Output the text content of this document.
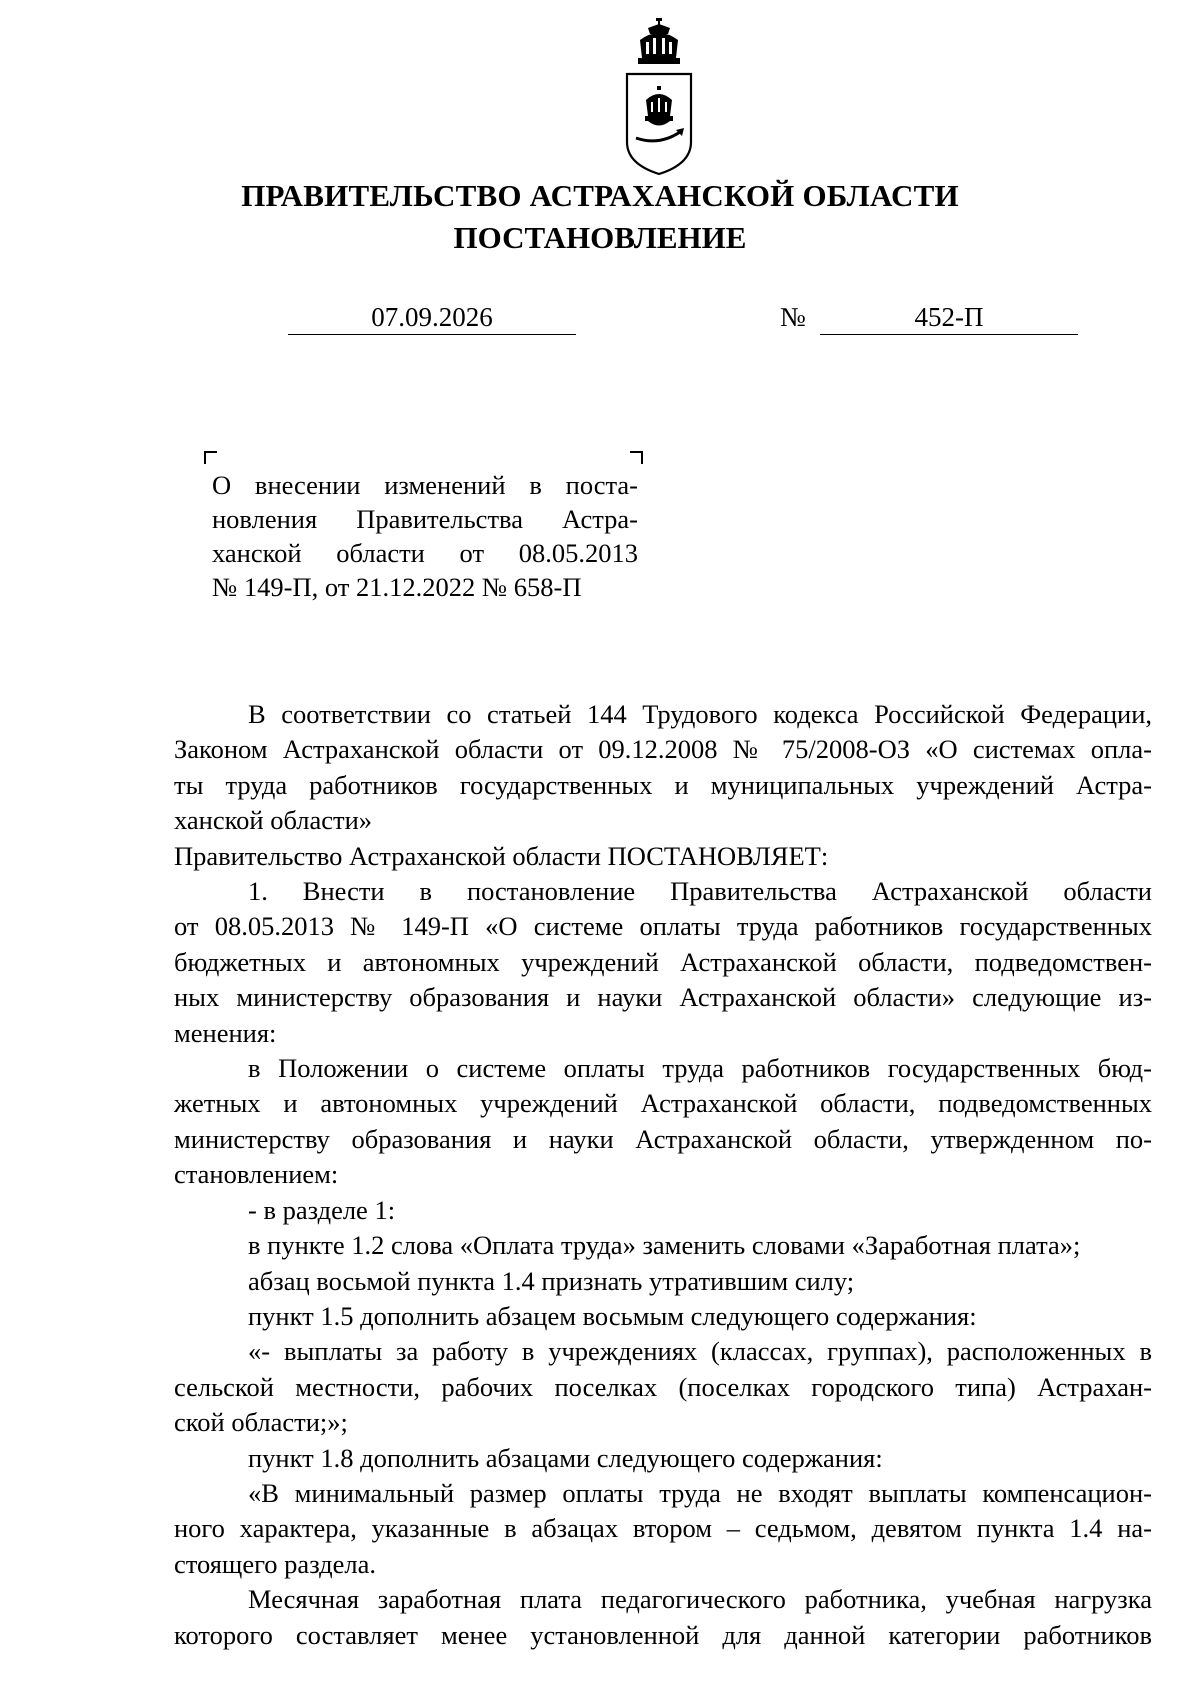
ПРАВИТЕЛЬСТВО АСТРАХАНСКОЙ ОБЛАСТИ
ПОСТАНОВЛЕНИЕ
07.09.2026	№	452-П
О внесении изменений в поста-
новления Правительства Астра-
ханской области от 08.05.2013
№ 149-П, от 21.12.2022 № 658-П
В соответствии со статьей 144 Трудового кодекса Российской Федерации,
Законом Астраханской области от 09.12.2008 № 75/2008-ОЗ «О системах опла-
ты труда работников государственных и муниципальных учреждений Астра-
ханской области»
Правительство Астраханской области ПОСТАНОВЛЯЕТ:
1. Внести в постановление Правительства Астраханской области
от 08.05.2013 № 149-П «О системе оплаты труда работников государственных
бюджетных и автономных учреждений Астраханской области, подведомствен-
ных министерству образования и науки Астраханской области» следующие из-
менения:
в Положении о системе оплаты труда работников государственных бюд-
жетных и автономных учреждений Астраханской области, подведомственных
министерству образования и науки Астраханской области, утвержденном по-
становлением:
- в разделе 1:
в пункте 1.2 слова «Оплата труда» заменить словами «Заработная плата»;
абзац восьмой пункта 1.4 признать утратившим силу;
пункт 1.5 дополнить абзацем восьмым следующего содержания:
«- выплаты за работу в учреждениях (классах, группах), расположенных в
сельской местности, рабочих поселках (поселках городского типа) Астрахан-
ской области;»;
пункт 1.8 дополнить абзацами следующего содержания:
«В минимальный размер оплаты труда не входят выплаты компенсацион-
ного характера, указанные в абзацах втором – седьмом, девятом пункта 1.4 на-
стоящего раздела.
Месячная заработная плата педагогического работника, учебная нагрузка
которого составляет менее установленной для данной категории работников
